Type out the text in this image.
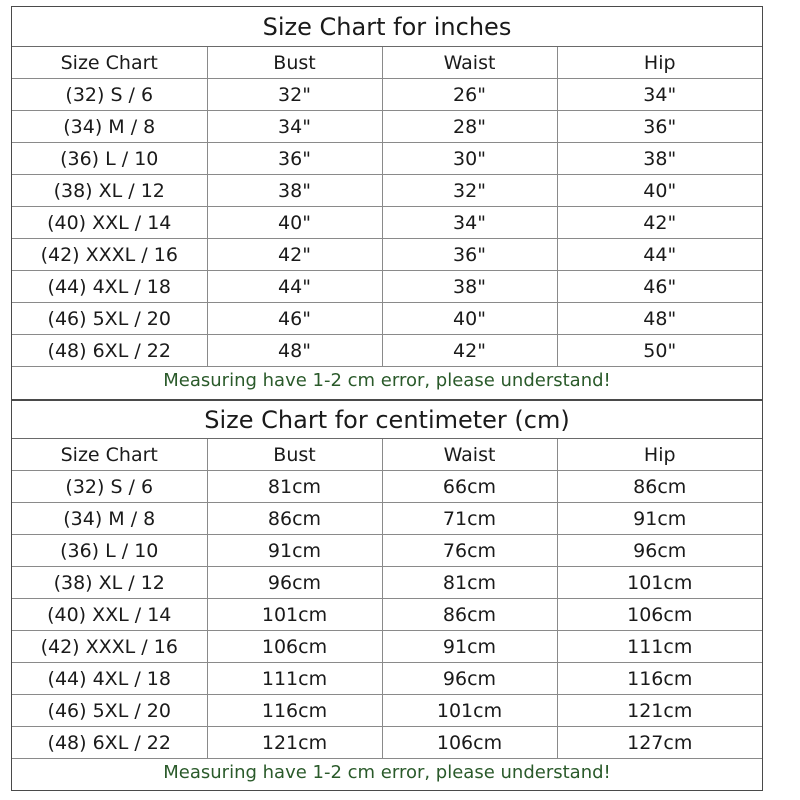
Size Chart for inches
Size Chart	Bust	Waist	Hip
(32) S / 6	32"	26"	34"
(34) M / 8	34"	28"	36"
(36) L / 10	36"	30"	38"
(38) XL / 12	38"	32"	40"
(40) XXL / 14	40"	34"	42"
(42) XXXL / 16	42"	36"	44"
(44) 4XL / 18	44"	38"	46"
(46) 5XL / 20	46"	40"	48"
(48) 6XL / 22	48"	42"	50"
Measuring have 1-2 cm error, please understand!
Size Chart for centimeter (cm)
Size Chart	Bust	Waist	Hip
(32) S / 6	81cm	66cm	86cm
(34) M / 8	86cm	71cm	91cm
(36) L / 10	91cm	76cm	96cm
(38) XL / 12	96cm	81cm	101cm
(40) XXL / 14	101cm	86cm	106cm
(42) XXXL / 16	106cm	91cm	111cm
(44) 4XL / 18	111cm	96cm	116cm
(46) 5XL / 20	116cm	101cm	121cm
(48) 6XL / 22	121cm	106cm	127cm
Measuring have 1-2 cm error, please understand!
